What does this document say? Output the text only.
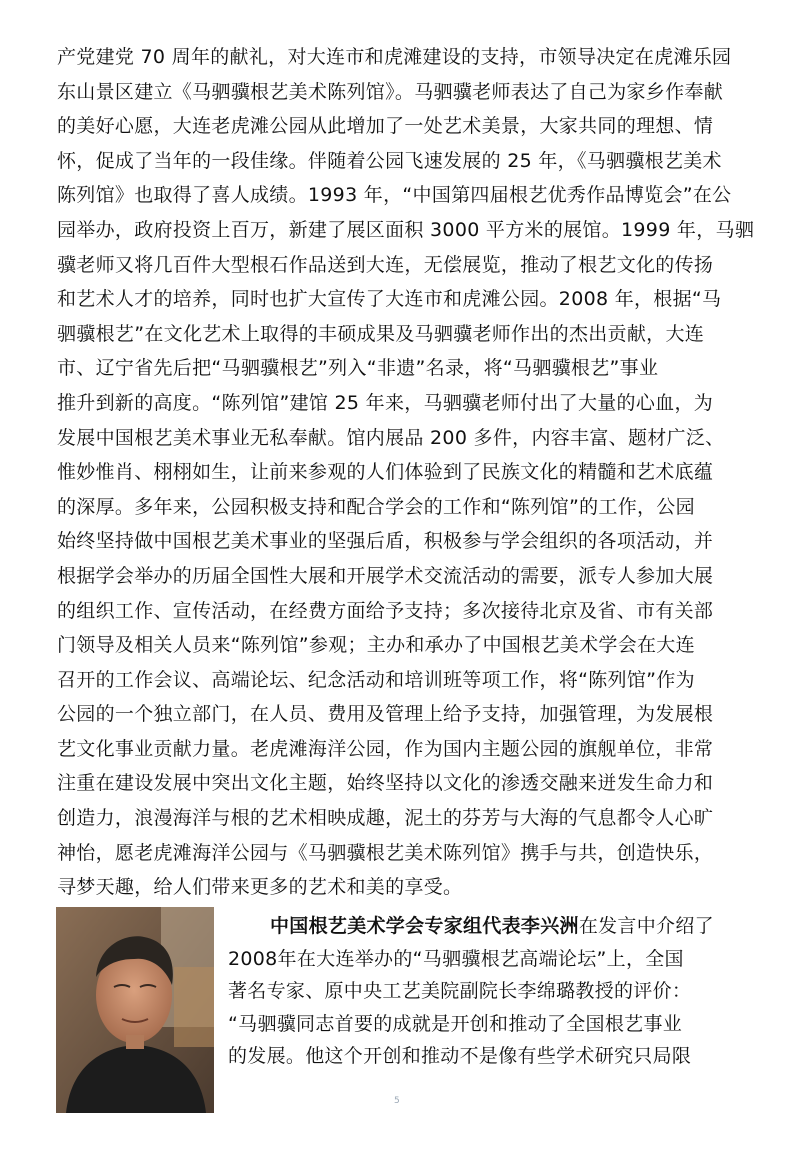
产党建党 70 周年的献礼，对大连市和虎滩建设的支持，市领导决定在虎滩乐园
东山景区建立《马驷骥根艺美术陈列馆》。马驷骥老师表达了自己为家乡作奉献
的美好心愿，大连老虎滩公园从此增加了一处艺术美景，大家共同的理想、情
怀，促成了当年的一段佳缘。伴随着公园飞速发展的 25 年，《马驷骥根艺美术
陈列馆》也取得了喜人成绩。1993 年，“中国第四届根艺优秀作品博览会”在公
园举办，政府投资上百万，新建了展区面积 3000 平方米的展馆。1999 年，马驷
骥老师又将几百件大型根石作品送到大连，无偿展览，推动了根艺文化的传扬
和艺术人才的培养，同时也扩大宣传了大连市和虎滩公园。2008 年，根据“马
驷骥根艺”在文化艺术上取得的丰硕成果及马驷骥老师作出的杰出贡献，大连
市、辽宁省先后把“马驷骥根艺”列入“非遗”名录，将“马驷骥根艺”事业
推升到新的高度。“陈列馆”建馆 25 年来，马驷骥老师付出了大量的心血，为
发展中国根艺美术事业无私奉献。馆内展品 200 多件，内容丰富、题材广泛、
惟妙惟肖、栩栩如生，让前来参观的人们体验到了民族文化的精髓和艺术底蕴
的深厚。多年来，公园积极支持和配合学会的工作和“陈列馆”的工作，公园
始终坚持做中国根艺美术事业的坚强后盾，积极参与学会组织的各项活动，并
根据学会举办的历届全国性大展和开展学术交流活动的需要，派专人参加大展
的组织工作、宣传活动，在经费方面给予支持；多次接待北京及省、市有关部
门领导及相关人员来“陈列馆”参观；主办和承办了中国根艺美术学会在大连
召开的工作会议、高端论坛、纪念活动和培训班等项工作，将“陈列馆”作为
公园的一个独立部门，在人员、费用及管理上给予支持，加强管理，为发展根
艺文化事业贡献力量。老虎滩海洋公园，作为国内主题公园的旗舰单位，非常
注重在建设发展中突出文化主题，始终坚持以文化的渗透交融来迸发生命力和
创造力，浪漫海洋与根的艺术相映成趣，泥土的芬芳与大海的气息都令人心旷
神怡，愿老虎滩海洋公园与《马驷骥根艺美术陈列馆》携手与共，创造快乐，
寻梦天趣，给人们带来更多的艺术和美的享受。
中国根艺美术学会专家组代表李兴洲在发言中介绍了
2008年在大连举办的“马驷骥根艺高端论坛”上，全国
著名专家、原中央工艺美院副院长李绵璐教授的评价：
“马驷骥同志首要的成就是开创和推动了全国根艺事业
的发展。他这个开创和推动不是像有些学术研究只局限
5
